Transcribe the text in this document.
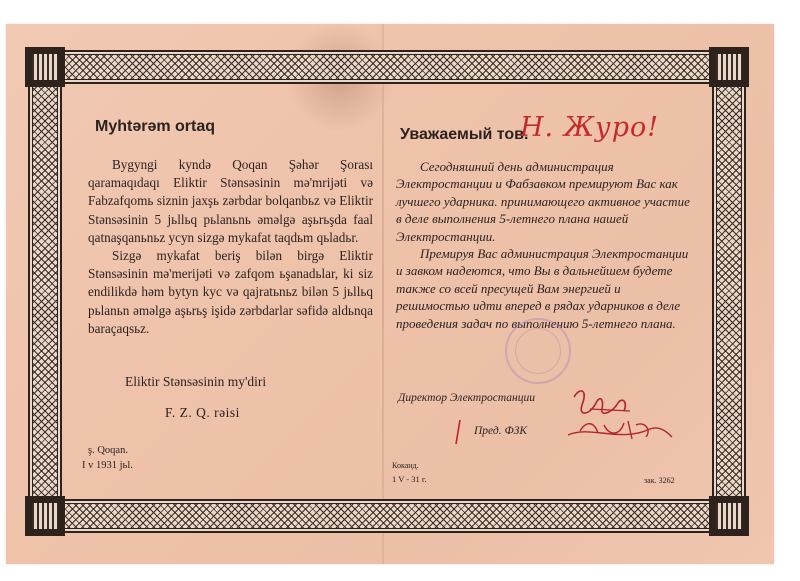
Myhtərəm ortaq

Bygyngi kyndə Qoqan Şəhər Şorası qaramaqıdaqı Eliktir Stənsəsinin mə'mrijəti və Fabzafqomь siznin jaxşь zərbdar bolqanbьz və Eliktir Stənsəsinin 5 jьllьq pьlanьnь əməlgə aşьrьşda faal qatnaşqanьnьz ycyn sizgə mykafat taqdьm qьladьr.

Sizgə mykafat beriş bilən birgə Eliktir Stənsəsinin mə'merijəti və zafqom ьşanadьlar, ki siz endilikdə həm bytyn kyc və qajratьnьz bilən 5 jьllьq pьlanьn əməlgə aşьrьş işidə zərbdarlar səfidə aldьnqa baraçaqsьz.

Eliktir Stənsəsinin my'diri
F. Z. Q. rəisi
ş. Qoqan.
I v 1931 jьl.
Уважаемый тов.
Н. Журо!

Сегодняшний день администрация Электростанции и Фабзавком премируют Вас как лучшего ударника. принимающего активное участие в деле выполнения 5-летнего плана нашей Электростанции.

Премируя Вас администрация Электростанции и завком надеются, что Вы в дальнейшем будете также со всей пресущей Вам энергией и решимостью идти вперед в рядах ударников в деле проведения задач по выполнению 5-летнего плана.

Директор Электростанции
Пред. ФЗК
Коканд.
1 V - 31 г.	зак. 3262
